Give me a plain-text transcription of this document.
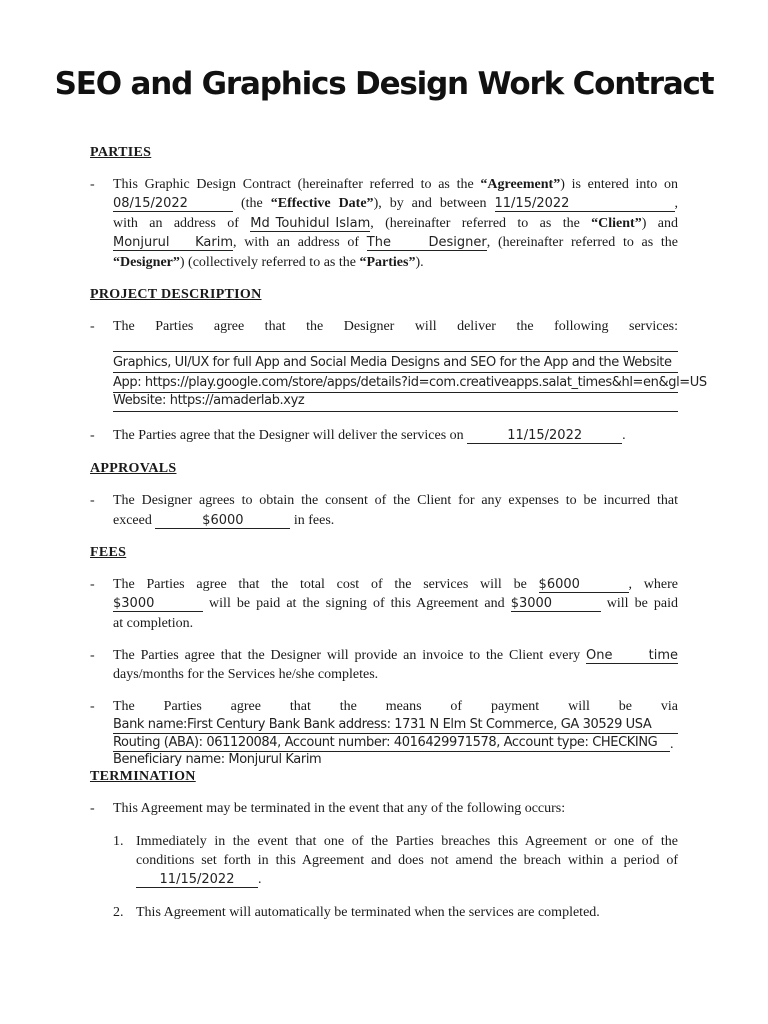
SEO and Graphics Design Work Contract
PARTIES
- This Graphic Design Contract (hereinafter referred to as the “Agreement”) is entered into on
08/15/2022	(the “Effective Date”), by and between 11/15/2022	,
with an address of Md Touhidul Islam, (hereinafter referred to as the “Client”) and
Monjurul Karim, with an address of The Designer, (hereinafter referred to as the
“Designer”) (collectively referred to as the “Parties”).
PROJECT DESCRIPTION
- The Parties agree that the Designer will deliver the following services:
Graphics, UI/UX for full App and Social Media Designs and SEO for the App and the Website
App: https://play.google.com/store/apps/details?id=com.creativeapps.salat_times&hl=en&gl=US
Website: https://amaderlab.xyz
- The Parties agree that the Designer will deliver the services on	11/15/2022	.
APPROVALS
- The Designer agrees to obtain the consent of the Client for any expenses to be incurred that
exceed	$6000	in fees.
FEES
- The Parties agree that the total cost of the services will be $6000	, where
$3000	will be paid at the signing of this Agreement and $3000	will be paid
at completion.
- The Parties agree that the Designer will provide an invoice to the Client every One time
days/months for the Services he/she completes.
- The Parties agree that the means of payment will be via
Bank name:First Century Bank Bank address: 1731 N Elm St Commerce, GA 30529 USA
Routing (ABA): 061120084, Account number: 4016429971578, Account type: CHECKING .
Beneficiary name: Monjurul Karim
TERMINATION
- This Agreement may be terminated in the event that any of the following occurs:
1. Immediately in the event that one of the Parties breaches this Agreement or one of the
conditions set forth in this Agreement and does not amend the breach within a period of
11/15/2022 .
2. This Agreement will automatically be terminated when the services are completed.
